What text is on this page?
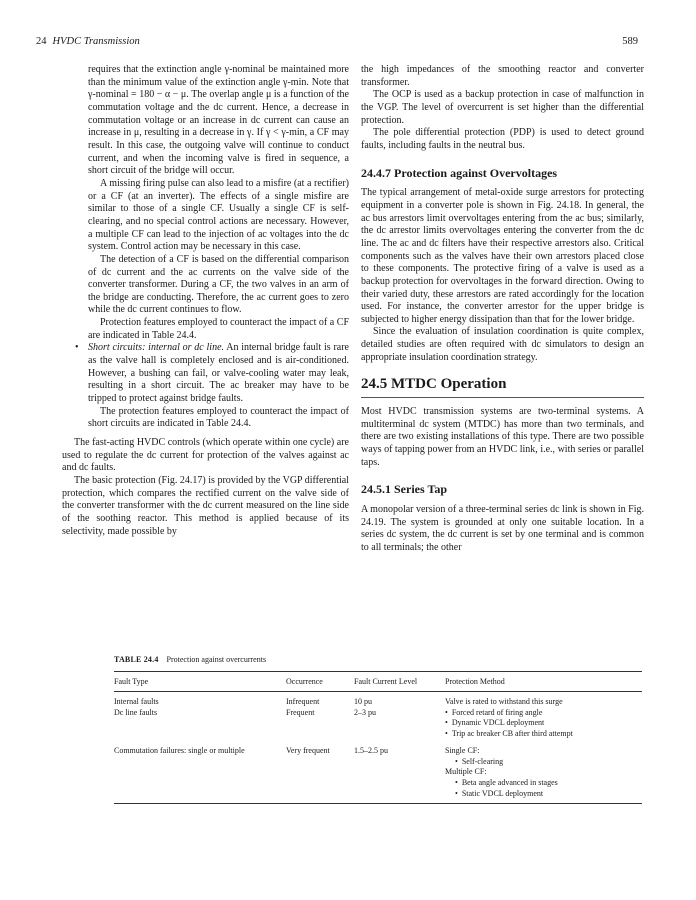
24 HVDC Transmission	589

requires that the extinction angle γ-nominal be maintained more than the minimum value of the extinction angle γ-min. Note that γ-nominal = 180 − α − μ. The overlap angle μ is a function of the commutation voltage and the dc current. Hence, a decrease in commutation voltage or an increase in dc current can cause an increase in μ, resulting in a decrease in γ. If γ < γ-min, a CF may result. In this case, the outgoing valve will continue to conduct current, and when the incoming valve is fired in sequence, a short circuit of the bridge will occur.

A missing firing pulse can also lead to a misfire (at a rectifier) or a CF (at an inverter). The effects of a single misfire are similar to those of a single CF. Usually a single CF is self-clearing, and no special control actions are necessary. However, a multiple CF can lead to the injection of ac voltages into the dc system. Control action may be necessary in this case.

The detection of a CF is based on the differential comparison of dc current and the ac currents on the valve side of the converter transformer. During a CF, the two valves in an arm of the bridge are conducting. Therefore, the ac current goes to zero while the dc current continues to flow.

Protection features employed to counteract the impact of a CF are indicated in Table 24.4.

• Short circuits: internal or dc line. An internal bridge fault is rare as the valve hall is completely enclosed and is air-conditioned. However, a bushing can fail, or valve-cooling water may leak, resulting in a short circuit. The ac breaker may have to be tripped to protect against bridge faults.

The protection features employed to counteract the impact of short circuits are indicated in Table 24.4.

The fast-acting HVDC controls (which operate within one cycle) are used to regulate the dc current for protection of the valves against ac and dc faults.

The basic protection (Fig. 24.17) is provided by the VGP differential protection, which compares the rectified current on the valve side of the converter transformer with the dc current measured on the line side of the soothing reactor. This method is applied because of its selectivity, made possible by

the high impedances of the smoothing reactor and converter transformer.

The OCP is used as a backup protection in case of malfunction in the VGP. The level of overcurrent is set higher than the differential protection.

The pole differential protection (PDP) is used to detect ground faults, including faults in the neutral bus.

24.4.7 Protection against Overvoltages

The typical arrangement of metal-oxide surge arrestors for protecting equipment in a converter pole is shown in Fig. 24.18. In general, the ac bus arrestors limit overvoltages entering from the ac bus; similarly, the dc arrestor limits overvoltages entering the converter from the dc line. The ac and dc filters have their respective arrestors also. Critical components such as the valves have their own arrestors placed close to these components. The protective firing of a valve is used as a backup protection for overvoltages in the forward direction. Owing to their varied duty, these arrestors are rated accordingly for the location used. For instance, the converter arrestor for the upper bridge is subjected to higher energy dissipation than that for the lower bridge.

Since the evaluation of insulation coordination is quite complex, detailed studies are often required with dc simulators to design an appropriate insulation coordination strategy.

24.5 MTDC Operation

Most HVDC transmission systems are two-terminal systems. A multiterminal dc system (MTDC) has more than two terminals, and there are two existing installations of this type. There are two possible ways of tapping power from an HVDC link, i.e., with series or parallel taps.

24.5.1 Series Tap

A monopolar version of a three-terminal series dc link is shown in Fig. 24.19. The system is grounded at only one suitable location. In a series dc system, the dc current is set by one terminal and is common to all terminals; the other

TABLE 24.4 Protection against overcurrents
Fault Type	Occurrence	Fault Current Level	Protection Method
Internal faults	Infrequent	10 pu	Valve is rated to withstand this surge
Dc line faults	Frequent	2–3 pu	• Forced retard of firing angle
• Dynamic VDCL deployment
• Trip ac breaker CB after third attempt

Commutation failures: single or multiple	Very frequent	1.5–2.5 pu	Single CF:
• Self-clearing
Multiple CF:
• Beta angle advanced in stages
• Static VDCL deployment
